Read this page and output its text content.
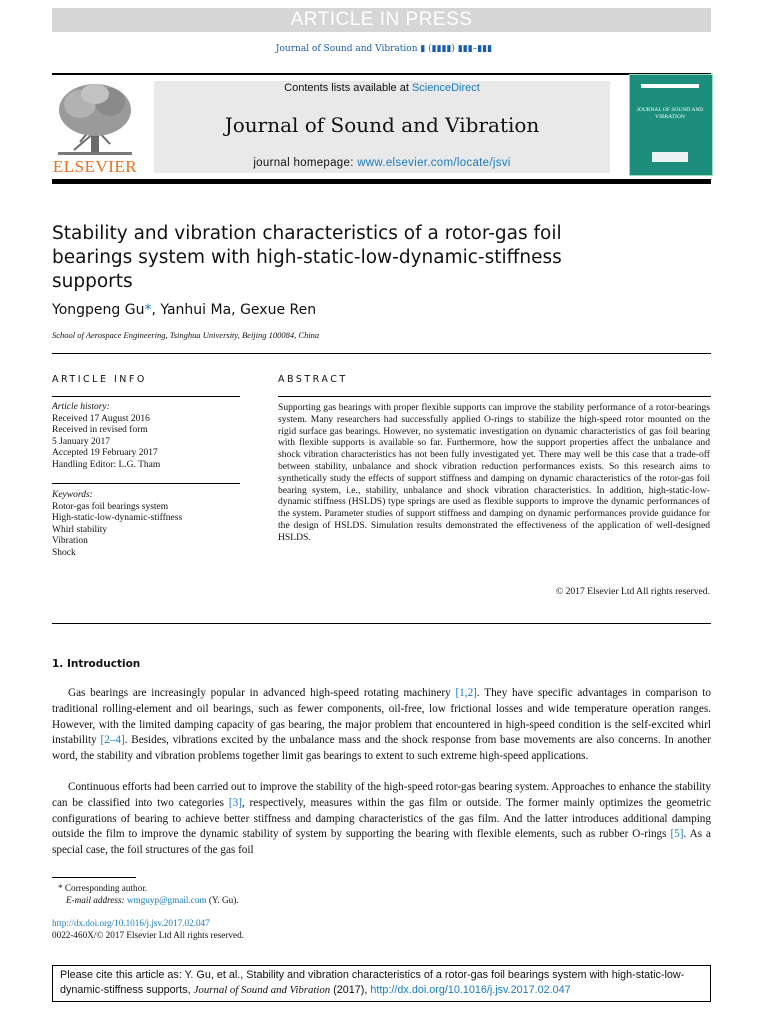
ARTICLE IN PRESS
Journal of Sound and Vibration ▮ (▮▮▮▮) ▮▮▮–▮▮▮
Contents lists available at ScienceDirect
Journal of Sound and Vibration
journal homepage: www.elsevier.com/locate/jsvi
ELSEVIER
JOURNAL OF SOUND AND VIBRATION
Stability and vibration characteristics of a rotor-gas foil bearings system with high-static-low-dynamic-stiffness supports
Yongpeng Gu*, Yanhui Ma, Gexue Ren
School of Aerospace Engineering, Tsinghua University, Beijing 100084, China
ARTICLE INFO
Article history:
Received 17 August 2016
Received in revised form
5 January 2017
Accepted 19 February 2017
Handling Editor: L.G. Tham
Keywords:
Rotor-gas foil bearings system
High-static-low-dynamic-stiffness
Whirl stability
Vibration
Shock
ABSTRACT
Supporting gas bearings with proper flexible supports can improve the stability performance of a rotor-bearings system. Many researchers had successfully applied O-rings to stabilize the high-speed rotor mounted on the rigid surface gas bearings. However, no systematic investigation on dynamic characteristics of gas foil bearing with flexible supports is available so far. Furthermore, how the support properties affect the unbalance and shock vibration characteristics has not been fully investigated yet. There may well be this case that a trade-off between stability, unbalance and shock vibration reduction performances exists. So this research aims to synthetically study the effects of support stiffness and damping on dynamic characteristics of the rotor-gas foil bearing system, i.e., stability, unbalance and shock vibration characteristics. In addition, high-static-low-dynamic stiffness (HSLDS) type springs are used as flexible supports to improve the dynamic performances of the system. Parameter studies of support stiffness and damping on dynamic performances provide guidance for the design of HSLDS. Simulation results demonstrated the effectiveness of the application of well-designed HSLDS.
© 2017 Elsevier Ltd All rights reserved.
1. Introduction
Gas bearings are increasingly popular in advanced high-speed rotating machinery [1,2]. They have specific advantages in comparison to traditional rolling-element and oil bearings, such as fewer components, oil-free, low frictional losses and wide temperature operation ranges. However, with the limited damping capacity of gas bearing, the major problem that encountered in high-speed condition is the self-excited whirl instability [2–4]. Besides, vibrations excited by the unbalance mass and the shock response from base movements are also concerns. In another word, the stability and vibration problems together limit gas bearings to extent to such extreme high-speed applications.
Continuous efforts had been carried out to improve the stability of the high-speed rotor-gas bearing system. Approaches to enhance the stability can be classified into two categories [3], respectively, measures within the gas film or outside. The former mainly optimizes the geometric configurations of bearing to achieve better stiffness and damping characteristics of the gas film. And the latter introduces additional damping outside the film to improve the dynamic stability of system by supporting the bearing with flexible elements, such as rubber O-rings [5]. As a special case, the foil structures of the gas foil
* Corresponding author.
E-mail address: wmguyp@gmail.com (Y. Gu).
http://dx.doi.org/10.1016/j.jsv.2017.02.047
0022-460X/© 2017 Elsevier Ltd All rights reserved.
Please cite this article as: Y. Gu, et al., Stability and vibration characteristics of a rotor-gas foil bearings system with high-static-low-dynamic-stiffness supports, Journal of Sound and Vibration (2017), http://dx.doi.org/10.1016/j.jsv.2017.02.047
